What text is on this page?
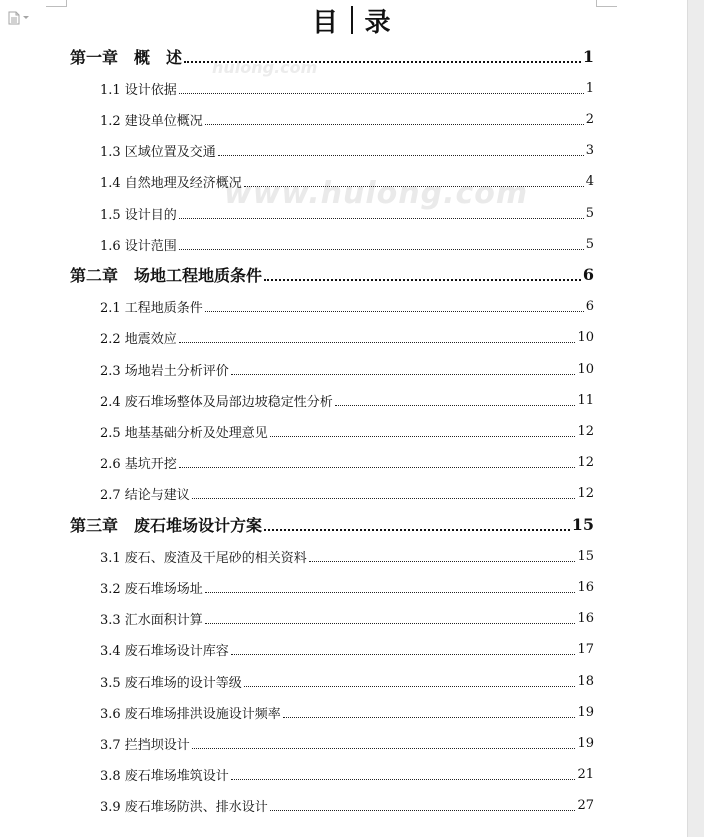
目 录
hulong.com
www.hulong.com
第一章　概　述	1
1.1 设计依据	1
1.2 建设单位概况	2
1.3 区域位置及交通	3
1.4 自然地理及经济概况	4
1.5 设计目的	5
1.6 设计范围	5
第二章　场地工程地质条件	6
2.1 工程地质条件	6
2.2 地震效应	10
2.3 场地岩土分析评价	10
2.4 废石堆场整体及局部边坡稳定性分析	11
2.5 地基基础分析及处理意见	12
2.6 基坑开挖	12
2.7 结论与建议	12
第三章　废石堆场设计方案	15
3.1 废石、废渣及干尾砂的相关资料	15
3.2 废石堆场场址	16
3.3 汇水面积计算	16
3.4 废石堆场设计库容	17
3.5 废石堆场的设计等级	18
3.6 废石堆场排洪设施设计频率	19
3.7 拦挡坝设计	19
3.8 废石堆场堆筑设计	21
3.9 废石堆场防洪、排水设计	27
